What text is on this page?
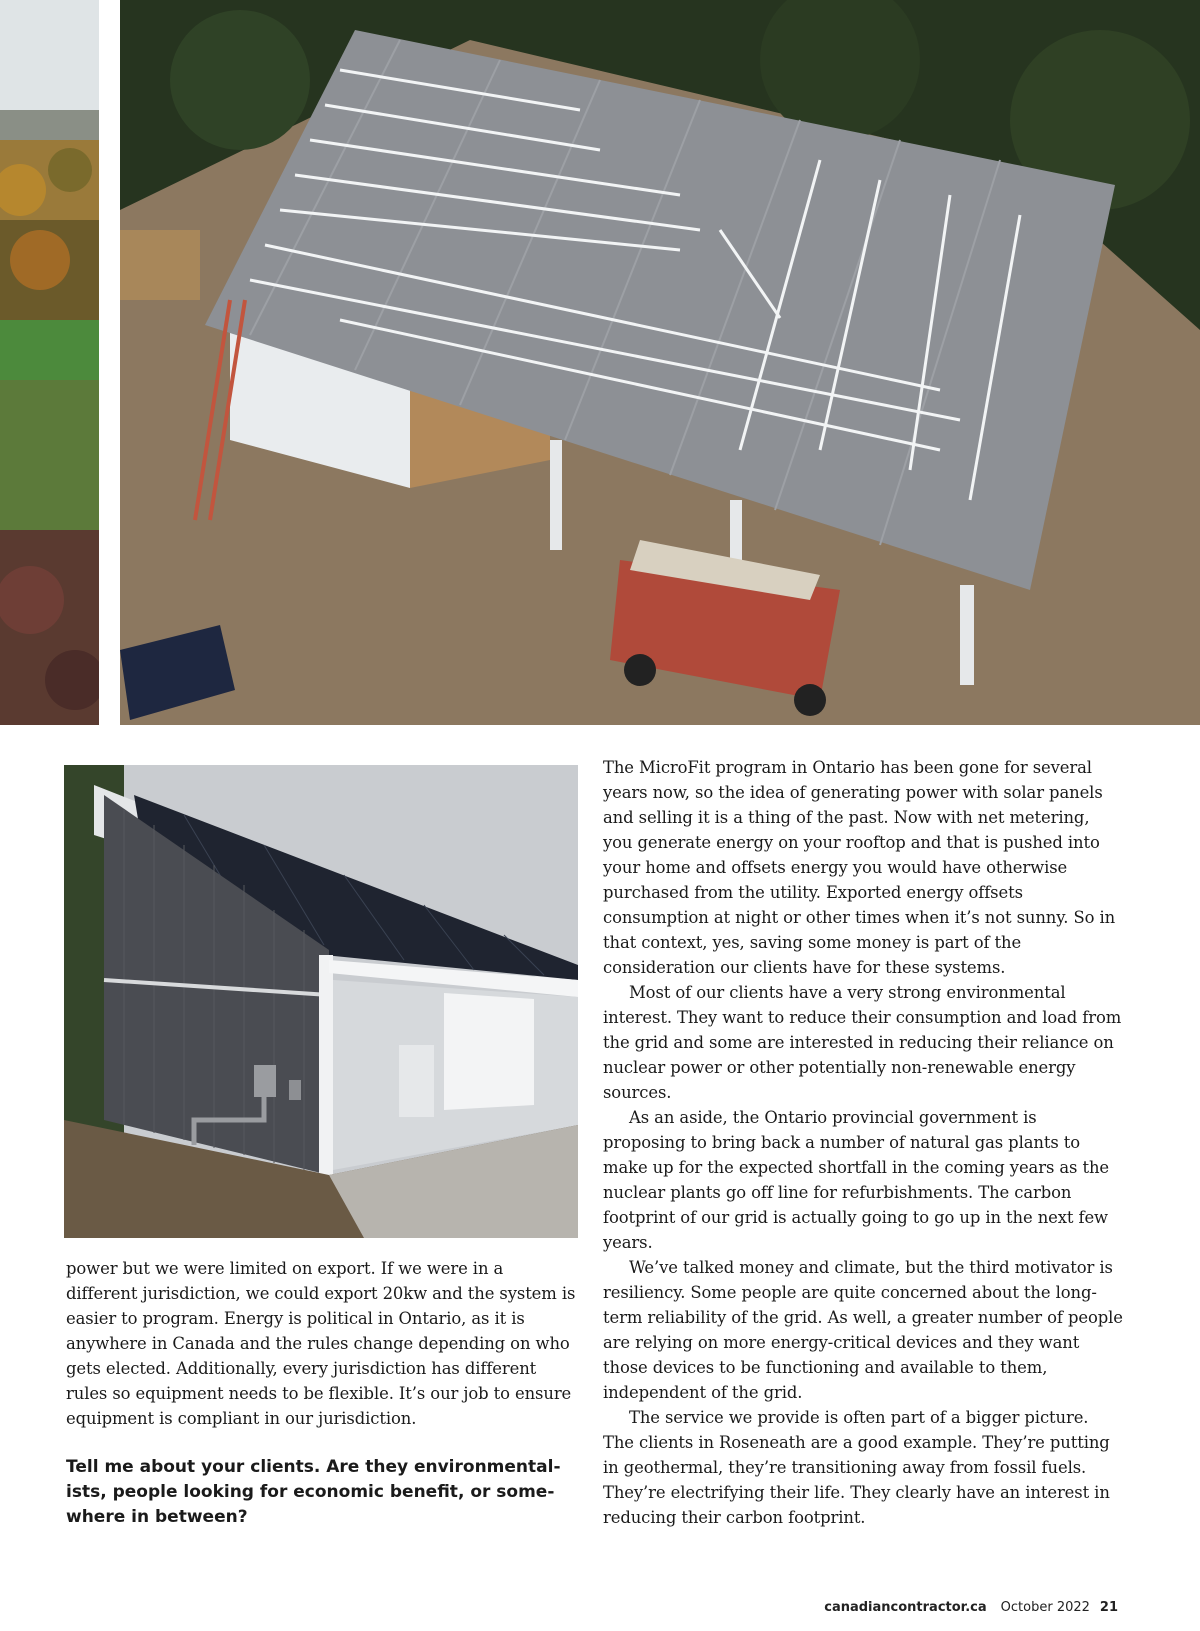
power but we were limited on export. If we were in a different jurisdiction, we could export 20kw and the system is easier to program. Energy is political in Ontario, as it is anywhere in Canada and the rules change depending on who gets elected. Additionally, every jurisdiction has different rules so equipment needs to be flexible. It’s our job to ensure equipment is compliant in our jurisdiction.

Tell me about your clients. Are they environmentalists, people looking for economic benefit, or somewhere in between?

The MicroFit program in Ontario has been gone for several years now, so the idea of generating power with solar panels and selling it is a thing of the past. Now with net metering, you generate energy on your rooftop and that is pushed into your home and offsets energy you would have otherwise purchased from the utility. Exported energy offsets consumption at night or other times when it’s not sunny. So in that context, yes, saving some money is part of the consideration our clients have for these systems.

Most of our clients have a very strong environmental interest. They want to reduce their consumption and load from the grid and some are interested in reducing their reliance on nuclear power or other potentially non-renewable energy sources.

As an aside, the Ontario provincial government is proposing to bring back a number of natural gas plants to make up for the expected shortfall in the coming years as the nuclear plants go off line for refurbishments. The carbon footprint of our grid is actually going to go up in the next few years.

We’ve talked money and climate, but the third motivator is resiliency. Some people are quite concerned about the long-term reliability of the grid. As well, a greater number of people are relying on more energy-critical devices and they want those devices to be functioning and available to them, independent of the grid.

The service we provide is often part of a bigger picture. The clients in Roseneath are a good example. They’re putting in geothermal, they’re transitioning away from fossil fuels. They’re electrifying their life. They clearly have an interest in reducing their carbon footprint.

canadiancontractor.ca October 2022 21
